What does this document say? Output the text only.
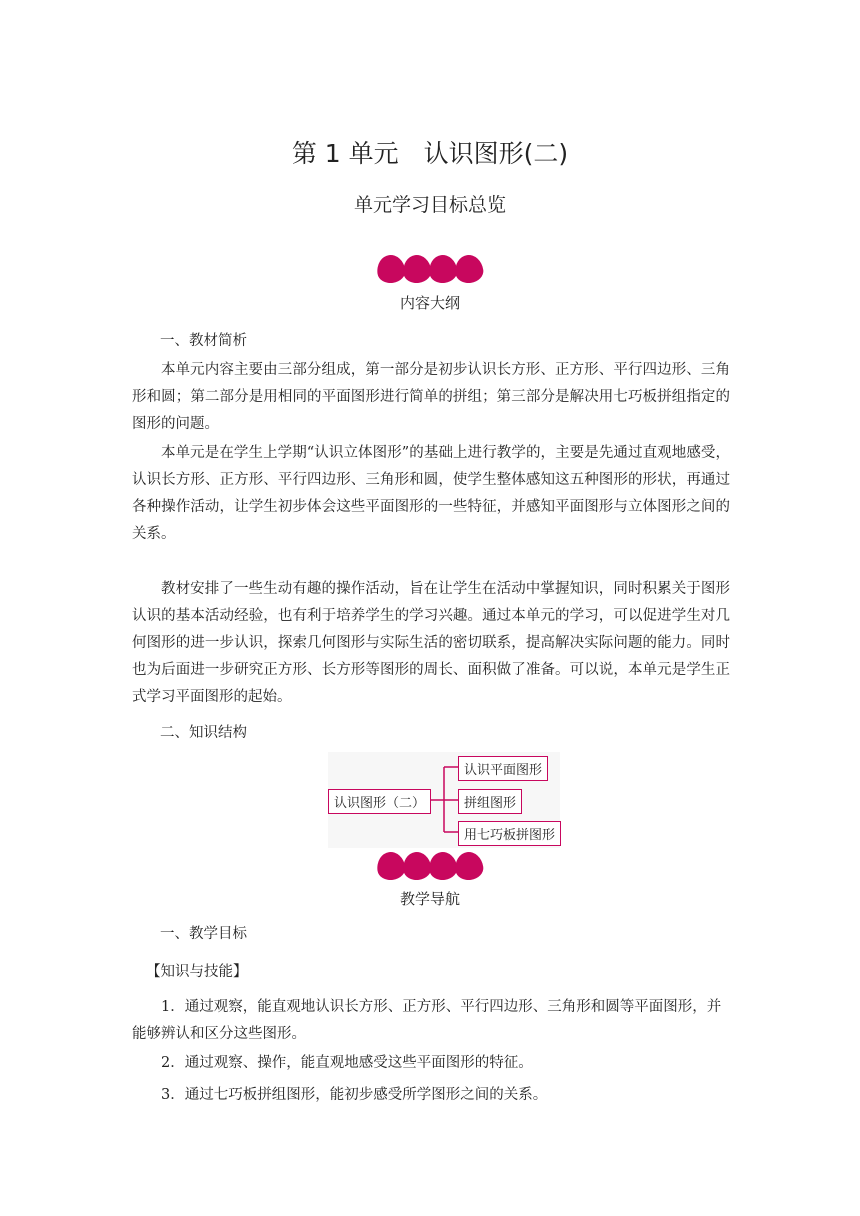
第 1 单元　认识图形(二)
单元学习目标总览
内容大纲
一、教材简析
本单元内容主要由三部分组成，第一部分是初步认识长方形、正方形、平行四边形、三角形和圆；第二部分是用相同的平面图形进行简单的拼组；第三部分是解决用七巧板拼组指定的图形的问题。
本单元是在学生上学期“认识立体图形”的基础上进行教学的，主要是先通过直观地感受，认识长方形、正方形、平行四边形、三角形和圆，使学生整体感知这五种图形的形状，再通过各种操作活动，让学生初步体会这些平面图形的一些特征，并感知平面图形与立体图形之间的关系。
教材安排了一些生动有趣的操作活动，旨在让学生在活动中掌握知识，同时积累关于图形认识的基本活动经验，也有利于培养学生的学习兴趣。通过本单元的学习，可以促进学生对几何图形的进一步认识，探索几何图形与实际生活的密切联系，提高解决实际问题的能力。同时也为后面进一步研究正方形、长方形等图形的周长、面积做了准备。可以说，本单元是学生正式学习平面图形的起始。
二、知识结构
认识图形（二）
认识平面图形
拼组图形
用七巧板拼图形
教学导航
一、教学目标
【知识与技能】
1．通过观察，能直观地认识长方形、正方形、平行四边形、三角形和圆等平面图形，并能够辨认和区分这些图形。
2．通过观察、操作，能直观地感受这些平面图形的特征。
3．通过七巧板拼组图形，能初步感受所学图形之间的关系。
